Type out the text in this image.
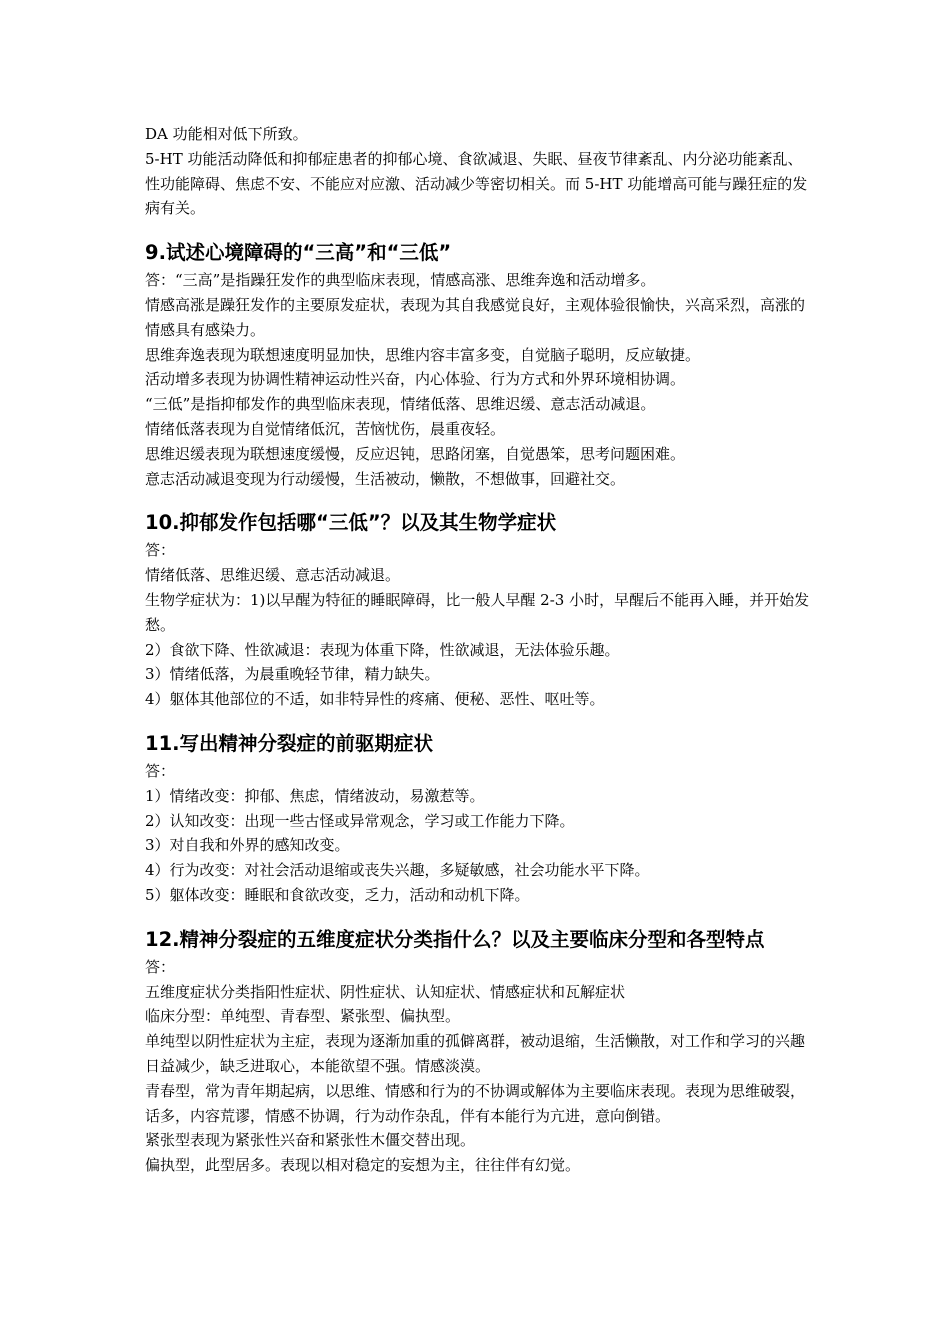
DA 功能相对低下所致。

5-HT 功能活动降低和抑郁症患者的抑郁心境、食欲减退、失眠、昼夜节律紊乱、内分泌功能紊乱、性功能障碍、焦虑不安、不能应对应激、活动减少等密切相关。而 5-HT 功能增高可能与躁狂症的发病有关。

9.试述心境障碍的“三高”和“三低”

答：“三高”是指躁狂发作的典型临床表现，情感高涨、思维奔逸和活动增多。

情感高涨是躁狂发作的主要原发症状，表现为其自我感觉良好，主观体验很愉快，兴高采烈，高涨的情感具有感染力。

思维奔逸表现为联想速度明显加快，思维内容丰富多变，自觉脑子聪明，反应敏捷。

活动增多表现为协调性精神运动性兴奋，内心体验、行为方式和外界环境相协调。

“三低”是指抑郁发作的典型临床表现，情绪低落、思维迟缓、意志活动减退。

情绪低落表现为自觉情绪低沉，苦恼忧伤，晨重夜轻。

思维迟缓表现为联想速度缓慢，反应迟钝，思路闭塞，自觉愚笨，思考问题困难。

意志活动减退变现为行动缓慢，生活被动，懒散，不想做事，回避社交。

10.抑郁发作包括哪“三低”？以及其生物学症状

答：

情绪低落、思维迟缓、意志活动减退。

生物学症状为：1)以早醒为特征的睡眠障碍，比一般人早醒 2-3 小时，早醒后不能再入睡，并开始发愁。

2）食欲下降、性欲减退：表现为体重下降，性欲减退，无法体验乐趣。

3）情绪低落，为晨重晚轻节律，精力缺失。

4）躯体其他部位的不适，如非特异性的疼痛、便秘、恶性、呕吐等。

11.写出精神分裂症的前驱期症状

答：

1）情绪改变：抑郁、焦虑，情绪波动，易激惹等。

2）认知改变：出现一些古怪或异常观念，学习或工作能力下降。

3）对自我和外界的感知改变。

4）行为改变：对社会活动退缩或丧失兴趣，多疑敏感，社会功能水平下降。

5）躯体改变：睡眠和食欲改变，乏力，活动和动机下降。

12.精神分裂症的五维度症状分类指什么？以及主要临床分型和各型特点

答：

五维度症状分类指阳性症状、阴性症状、认知症状、情感症状和瓦解症状

临床分型：单纯型、青春型、紧张型、偏执型。

单纯型以阴性症状为主症，表现为逐渐加重的孤僻离群，被动退缩，生活懒散，对工作和学习的兴趣日益减少，缺乏进取心，本能欲望不强。情感淡漠。

青春型，常为青年期起病，以思维、情感和行为的不协调或解体为主要临床表现。表现为思维破裂，话多，内容荒谬，情感不协调，行为动作杂乱，伴有本能行为亢进，意向倒错。

紧张型表现为紧张性兴奋和紧张性木僵交替出现。

偏执型，此型居多。表现以相对稳定的妄想为主，往往伴有幻觉。
